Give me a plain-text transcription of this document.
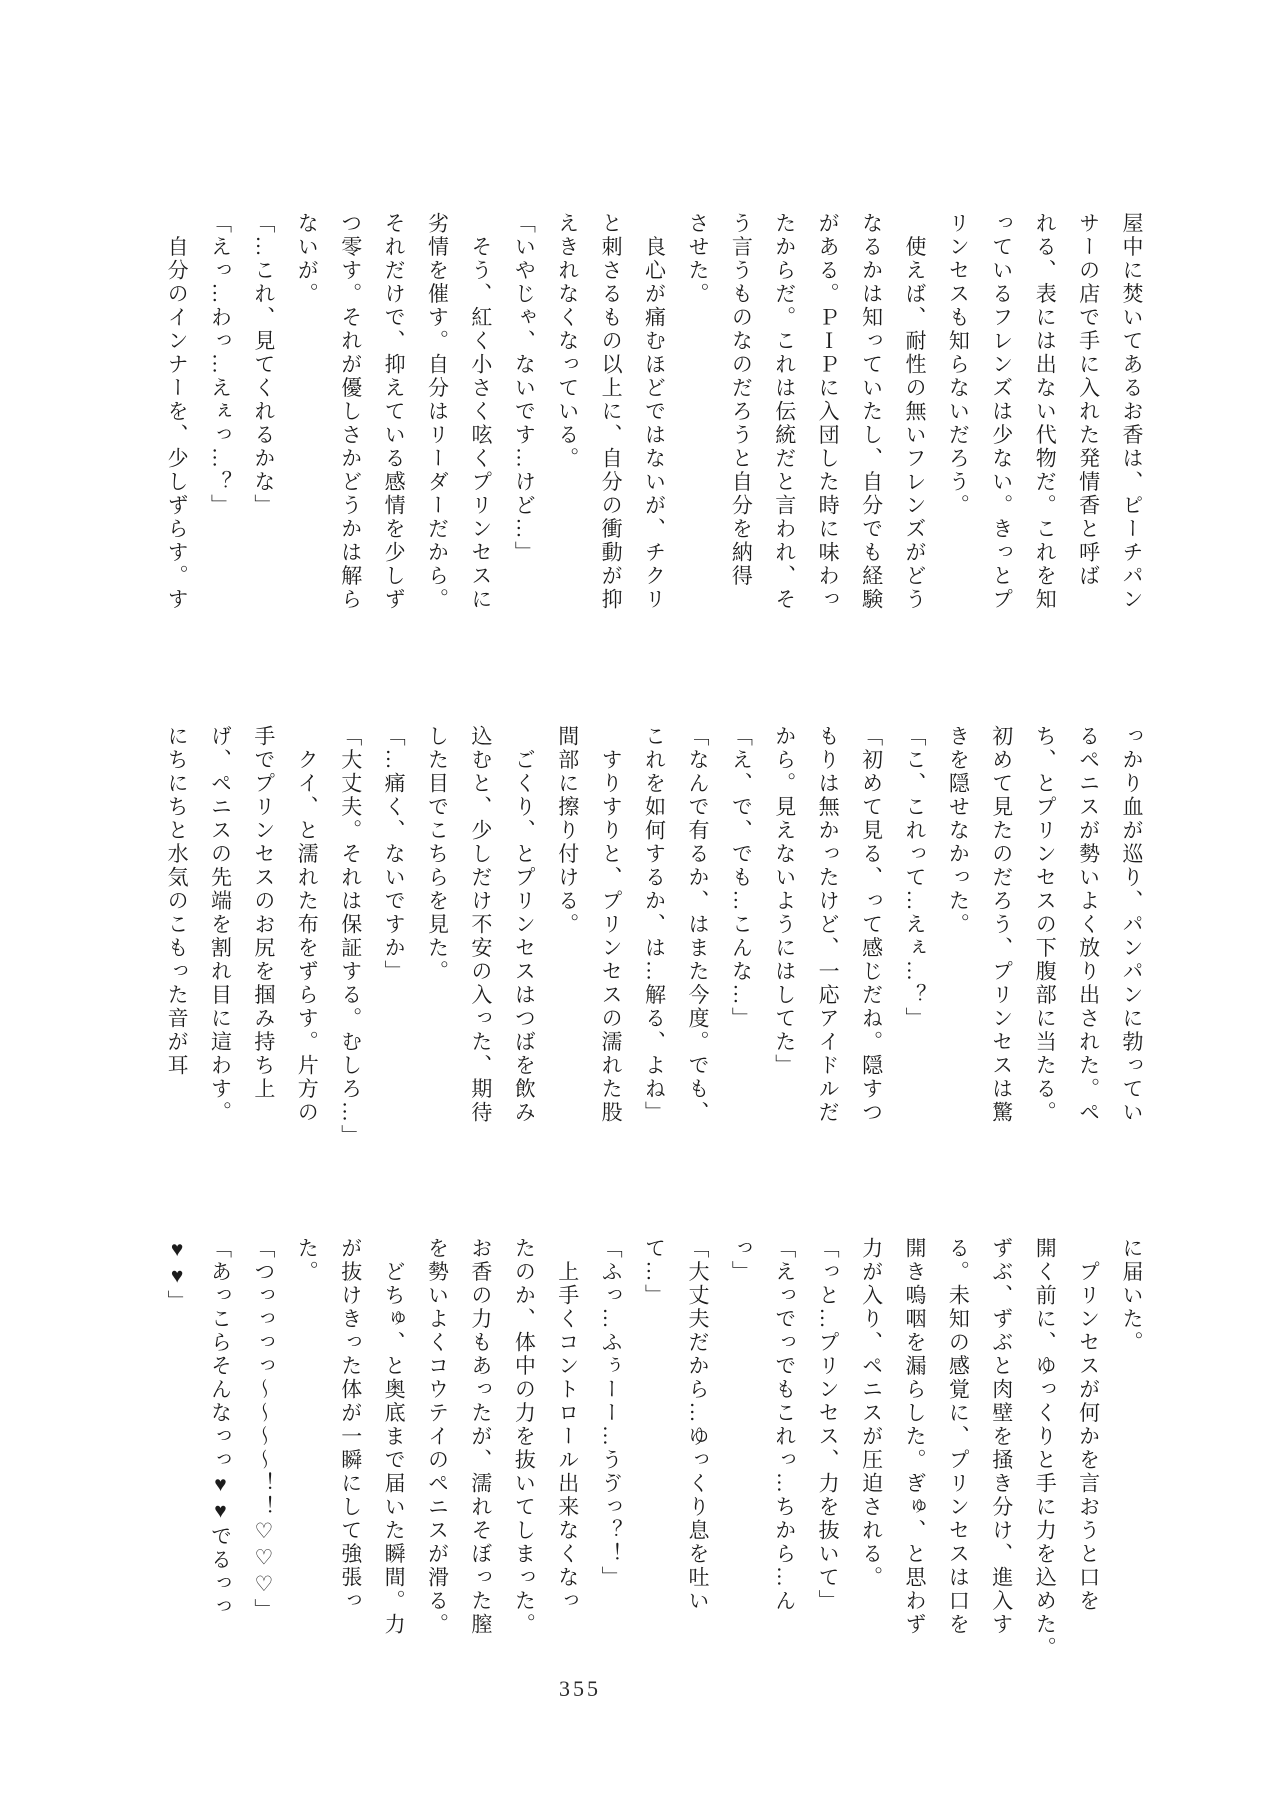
屋中に焚いてあるお香は、ピーチパン
サーの店で手に入れた発情香と呼ば
れる、表には出ない代物だ。これを知
っているフレンズは少ない。きっとプ
リンセスも知らないだろう。
　使えば、耐性の無いフレンズがどう
なるかは知っていたし、自分でも経験
がある。ＰＩＰに入団した時に味わっ
たからだ。これは伝統だと言われ、そ
う言うものなのだろうと自分を納得
させた。
　良心が痛むほどではないが、チクリ
と刺さるもの以上に、自分の衝動が抑
えきれなくなっている。
「いやじゃ、ないです…けど…」
　そう、紅く小さく呟くプリンセスに
劣情を催す。自分はリーダーだから。
それだけで、抑えている感情を少しず
つ零す。それが優しさかどうかは解ら
ないが。
「…これ、見てくれるかな」
「えっ…わっ…えぇっ…？」
　自分のインナーを、少しずらす。す
っかり血が巡り、パンパンに勃ってい
るペニスが勢いよく放り出された。ペ
ち、とプリンセスの下腹部に当たる。
初めて見たのだろう、プリンセスは驚
きを隠せなかった。
「こ、これって…えぇ…？」
「初めて見る、って感じだね。隠すつ
もりは無かったけど、一応アイドルだ
から。見えないようにはしてた」
「え、で、でも…こんな…」
「なんで有るか、はまた今度。でも、
これを如何するか、は…解る、よね」
　すりすりと、プリンセスの濡れた股
間部に擦り付ける。
　ごくり、とプリンセスはつばを飲み
込むと、少しだけ不安の入った、期待
した目でこちらを見た。
「…痛く、ないですか」
「大丈夫。それは保証する。むしろ…」
　クイ、と濡れた布をずらす。片方の
手でプリンセスのお尻を掴み持ち上
げ、ペニスの先端を割れ目に這わす。
にちにちと水気のこもった音が耳
に届いた。
　プリンセスが何かを言おうと口を
開く前に、ゆっくりと手に力を込めた。
ずぶ、ずぶと肉壁を掻き分け、進入す
る。未知の感覚に、プリンセスは口を
開き嗚咽を漏らした。ぎゅ、と思わず
力が入り、ペニスが圧迫される。
「っと…プリンセス、力を抜いて」
「えっでっでもこれっ…ちから…ん
っ」
「大丈夫だから…ゆっくり息を吐い
て…」
「ふっ…ふぅーー…うゔっ？！」
　上手くコントロール出来なくなっ
たのか、体中の力を抜いてしまった。
お香の力もあったが、濡れそぼった膣
を勢いよくコウテイのペニスが滑る。
　どちゅ、と奥底まで届いた瞬間。力
が抜けきった体が一瞬にして強張っ
た。
「つっっっっ〜〜〜〜！！♡♡♡」
「あっこらそんなっっ♥♥でるっっ
♥♥」
355
